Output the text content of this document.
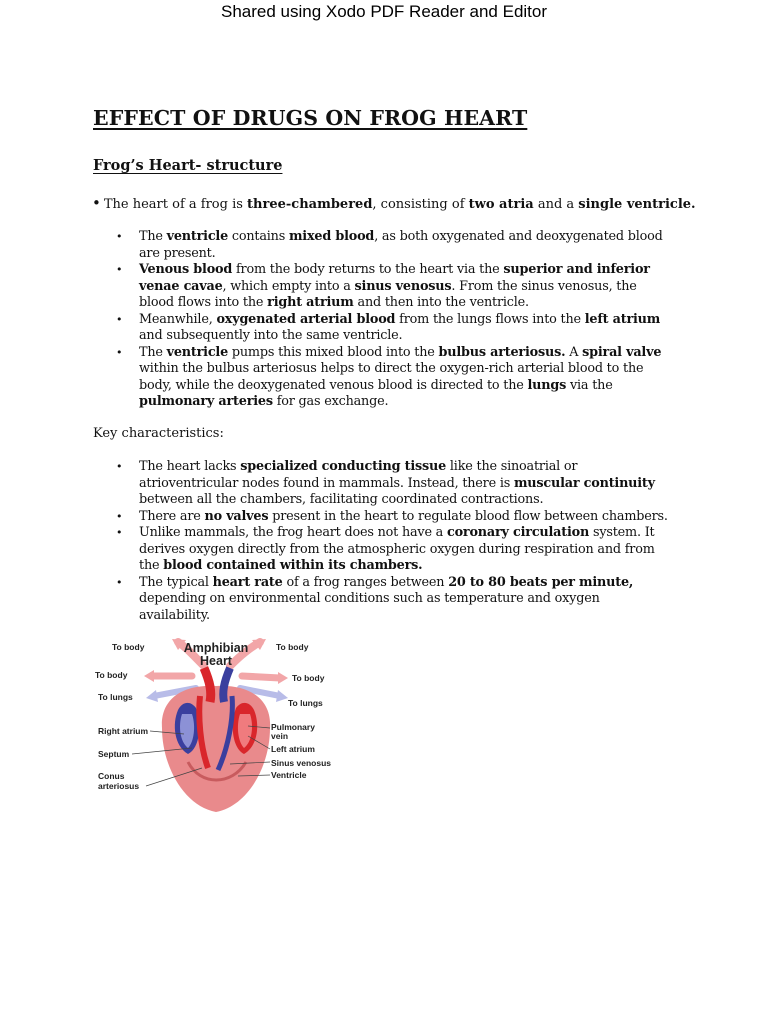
Shared using Xodo PDF Reader and Editor
EFFECT OF DRUGS ON FROG HEART
Frog’s Heart- structure

• The heart of a frog is three-chambered, consisting of two atria and a single ventricle.

• The ventricle contains mixed blood, as both oxygenated and deoxygenated blood are present.
• Venous blood from the body returns to the heart via the superior and inferior venae cavae, which empty into a sinus venosus. From the sinus venosus, the blood flows into the right atrium and then into the ventricle.
• Meanwhile, oxygenated arterial blood from the lungs flows into the left atrium and subsequently into the same ventricle.
• The ventricle pumps this mixed blood into the bulbus arteriosus. A spiral valve within the bulbus arteriosus helps to direct the oxygen-rich arterial blood to the body, while the deoxygenated venous blood is directed to the lungs via the pulmonary arteries for gas exchange.

Key characteristics:

• The heart lacks specialized conducting tissue like the sinoatrial or atrioventricular nodes found in mammals. Instead, there is muscular continuity between all the chambers, facilitating coordinated contractions.
• There are no valves present in the heart to regulate blood flow between chambers.
• Unlike mammals, the frog heart does not have a coronary circulation system. It derives oxygen directly from the atmospheric oxygen during respiration and from the blood contained within its chambers.
• The typical heart rate of a frog ranges between 20 to 80 beats per minute, depending on environmental conditions such as temperature and oxygen availability.
Amphibian
Heart
To body
To body
To lungs
Right atrium
Septum
Conus
arteriosus
To body
To body
To lungs
Pulmonary
vein
Left atrium
Sinus venosus
Ventricle
